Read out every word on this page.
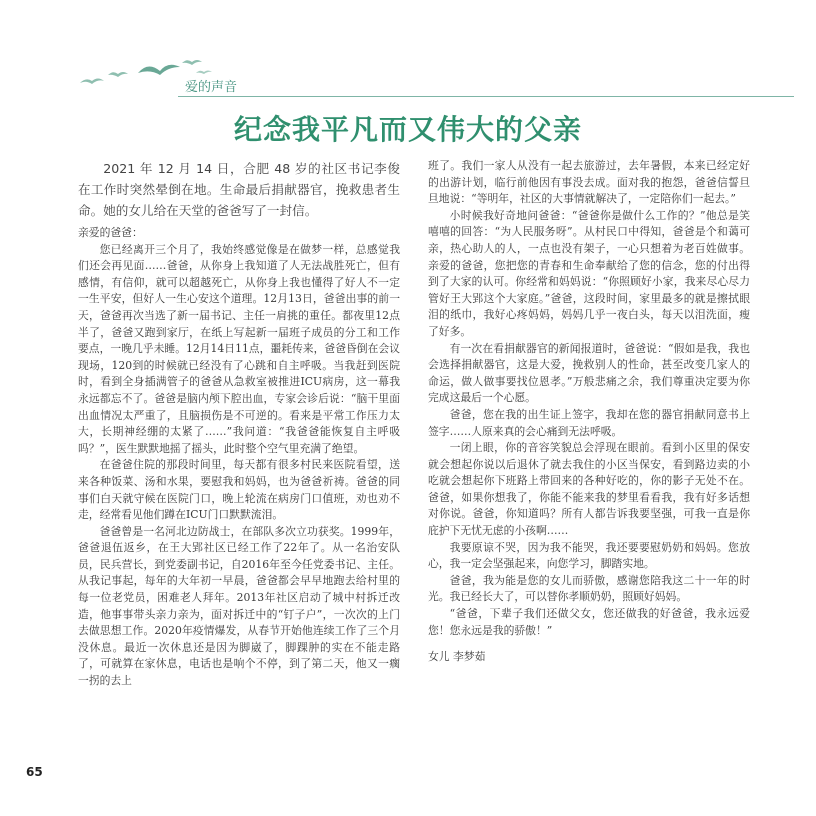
爱的声音
纪念我平凡而又伟大的父亲

2021 年 12 月 14 日，合肥 48 岁的社区书记李俊在工作时突然晕倒在地。生命最后捐献器官，挽救患者生命。她的女儿给在天堂的爸爸写了一封信。

亲爱的爸爸：

您已经离开三个月了，我始终感觉像是在做梦一样，总感觉我们还会再见面……爸爸，从你身上我知道了人无法战胜死亡，但有感情，有信仰，就可以超越死亡，从你身上我也懂得了好人不一定一生平安，但好人一生心安这个道理。12月13日，爸爸出事的前一天，爸爸再次当选了新一届书记、主任一肩挑的重任。都夜里12点半了，爸爸又跑到家厅，在纸上写起新一届班子成员的分工和工作要点，一晚几乎未睡。12月14日11点，噩耗传来，爸爸昏倒在会议现场，120到的时候就已经没有了心跳和自主呼吸。当我赶到医院时，看到全身插满管子的爸爸从急救室被推进ICU病房，这一幕我永远都忘不了。爸爸是脑内颅下腔出血，专家会诊后说：“脑干里面出血情况太严重了，且脑损伤是不可逆的。看来是平常工作压力太大，长期神经绷的太紧了……”我问道：“我爸爸能恢复自主呼吸吗？”，医生默默地摇了摇头，此时整个空气里充满了绝望。

在爸爸住院的那段时间里，每天都有很多村民来医院看望，送来各种饭菜、汤和水果，要慰我和妈妈，也为爸爸祈祷。爸爸的同事们白天就守候在医院门口，晚上轮流在病房门口值班，劝也劝不走，经常看见他们蹲在ICU门口默默流泪。

爸爸曾是一名河北边防战士，在部队多次立功获奖。1999年，爸爸退伍返乡，在王大郢社区已经工作了22年了。从一名治安队员，民兵营长，到党委副书记，自2016年至今任党委书记、主任。从我记事起，每年的大年初一早晨，爸爸都会早早地跑去给村里的每一位老党员，困难老人拜年。2013年社区启动了城中村拆迁改造，他事事带头亲力亲为，面对拆迁中的“钉子户”，一次次的上门去做思想工作。2020年疫情爆发，从春节开始他连续工作了三个月没休息。最近一次休息还是因为脚崴了，脚踝肿的实在不能走路了，可就算在家休息，电话也是响个不停，到了第二天，他又一瘸一拐的去上

班了。我们一家人从没有一起去旅游过，去年暑假，本来已经定好的出游计划，临行前他因有事没去成。面对我的抱怨，爸爸信誓旦旦地说：“等明年，社区的大事情就解决了，一定陪你们一起去。”

小时候我好奇地问爸爸：“爸爸你是做什么工作的？”他总是笑嘻嘻的回答：“为人民服务呀”。从村民口中得知，爸爸是个和蔼可亲，热心助人的人，一点也没有架子，一心只想着为老百姓做事。亲爱的爸爸，您把您的青春和生命奉献给了您的信念，您的付出得到了大家的认可。你经常和妈妈说：“你照顾好小家，我来尽心尽力管好王大郢这个大家庭。”爸爸，这段时间，家里最多的就是擦拭眼泪的纸巾，我好心疼妈妈，妈妈几乎一夜白头，每天以泪洗面，瘦了好多。

有一次在看捐献器官的新闻报道时，爸爸说：“假如是我，我也会选择捐献器官，这是大爱，挽救别人的性命，甚至改变几家人的命运，做人做事要找位恩孝。”万般悲痛之余，我们尊重决定要为你完成这最后一个心愿。

爸爸，您在我的出生证上签字，我却在您的器官捐献同意书上签字……人原来真的会心痛到无法呼吸。

一闭上眼，你的音容笑貌总会浮现在眼前。看到小区里的保安就会想起你说以后退休了就去我住的小区当保安，看到路边卖的小吃就会想起你下班路上带回来的各种好吃的，你的影子无处不在。爸爸，如果你想我了，你能不能来我的梦里看看我，我有好多话想对你说。爸爸，你知道吗？所有人都告诉我要坚强，可我一直是你庇护下无忧无虑的小孩啊……

我要原谅不哭，因为我不能哭，我还要要慰奶奶和妈妈。您放心，我一定会坚强起来，向您学习，脚踏实地。

爸爸，我为能是您的女儿而骄傲，感谢您陪我这二十一年的时光。我已经长大了，可以替你孝顺奶奶，照顾好妈妈。

“爸爸，下辈子我们还做父女，您还做我的好爸爸，我永远爱您！您永远是我的骄傲！”

女儿 李梦茹

65
